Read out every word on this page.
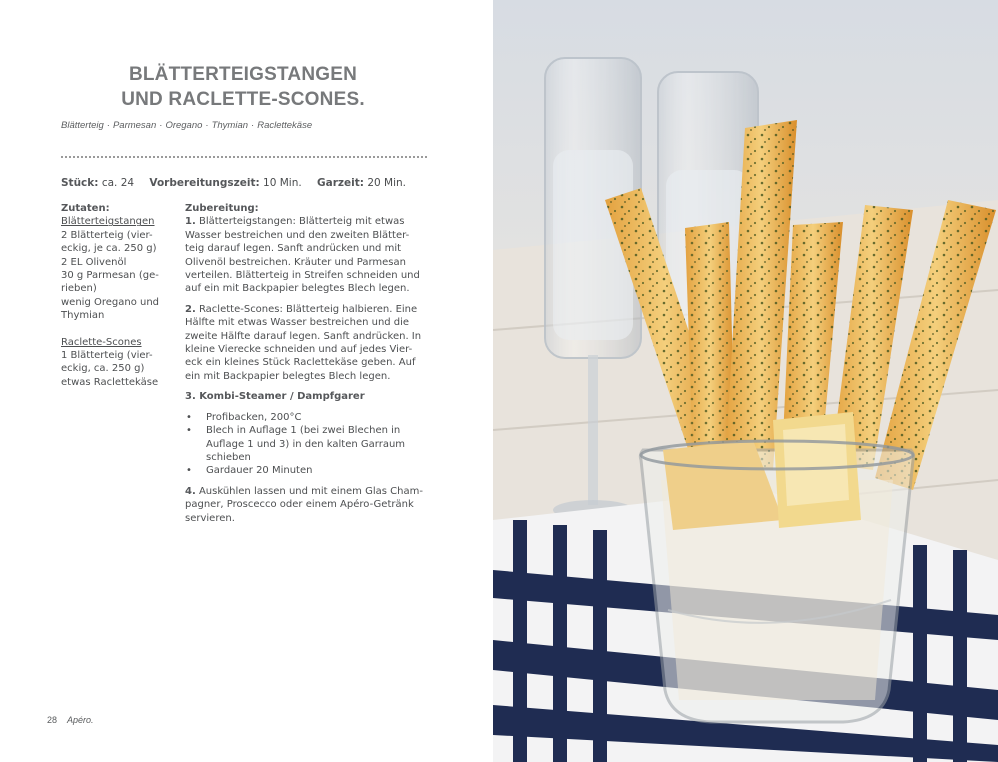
BLÄTTERTEIGSTANGEN
UND RACLETTE-SCONES.
Blätterteig · Parmesan · Oregano · Thymian · Raclettekäse
Stück: ca. 24 Vorbereitungszeit: 10 Min. Garzeit: 20 Min.
Zutaten:
Blätterteigstangen
2 Blätterteig (vier-
eckig, je ca. 250 g)
2 EL Olivenöl
30 g Parmesan (ge-
rieben)
wenig Oregano und
Thymian
Raclette-Scones
1 Blätterteig (vier-
eckig, ca. 250 g)
etwas Raclettekäse
Zubereitung:

1. Blätterteigstangen: Blätterteig mit etwas Wasser bestreichen und den zweiten Blätter-teig darauf legen. Sanft andrücken und mit Olivenöl bestreichen. Kräuter und Parmesan verteilen. Blätterteig in Streifen schneiden und auf ein mit Backpapier belegtes Blech legen.

2. Raclette-Scones: Blätterteig halbieren. Eine Hälfte mit etwas Wasser bestreichen und die zweite Hälfte darauf legen. Sanft andrücken. In kleine Vierecke schneiden und auf jedes Vier-eck ein kleines Stück Raclettekäse geben. Auf ein mit Backpapier belegtes Blech legen.

3. Kombi-Steamer / Dampfgarer
• Profibacken, 200°C
• Blech in Auflage 1 (bei zwei Blechen in Auflage 1 und 3) in den kalten Garraum schieben
• Gardauer 20 Minuten

4. Auskühlen lassen und mit einem Glas Cham-pagner, Proscecco oder einem Apéro-Getränk servieren.

28 Apéro.
